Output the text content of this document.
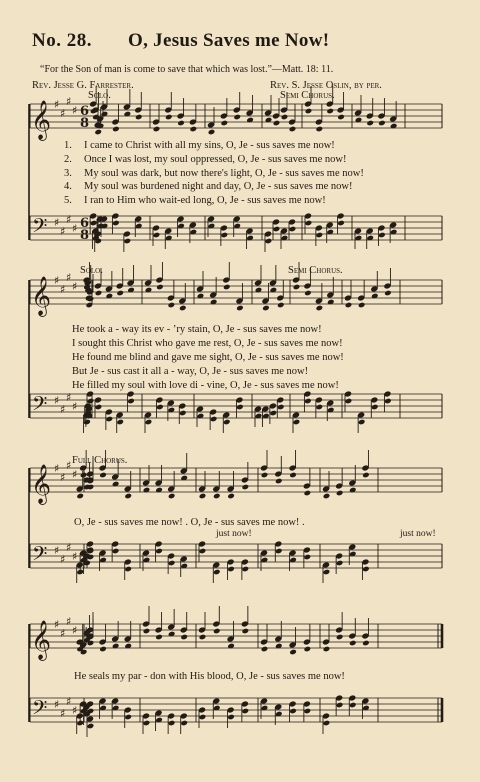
No. 28. O, Jesus Saves me Now!
“For the Son of man is come to save that which was lost.”—Matt. 18: 11.
Rev. Jesse G. Farrester.	Rev. S. Jesse Oslin, by per.
Solo.	Semi Chorus.
1. I came to Christ with all my sins, O, Je - sus saves me now!
2. Once I was lost, my soul oppressed, O, Je - sus saves me now!
3. My soul was dark, but now there's light, O, Je - sus saves me now!
4. My soul was burdened night and day, O, Je - sus saves me now!
5. I ran to Him who wait-ed long, O, Je - sus saves me now!
Solo.	Semi Chorus.
He took a - way its ev - ’ry stain, O, Je - sus saves me now!
I sought this Christ who gave me rest, O, Je - sus saves me now!
He found me blind and gave me sight, O, Je - sus saves me now!
But Je - sus cast it all a - way, O, Je - sus saves me now!
He filled my soul with love di - vine, O, Je - sus saves me now!
Full Chorus.
O, Je - sus saves me now! . O, Je - sus saves me now! .
just now!	just now!
He seals my par - don with His blood, O, Je - sus saves me now!
𝄞 ♯
♯
♯
♯ 6
8
𝄢 ♯
♯
♯
♯ 6
8
𝄞 ♯
♯
♯
♯
𝄢 ♯
♯
♯
♯
𝄞 ♯
♯
♯
♯
𝄢 ♯
♯
♯
♯
𝄞 ♯
♯
♯
♯
𝄢 ♯
♯
♯
♯
